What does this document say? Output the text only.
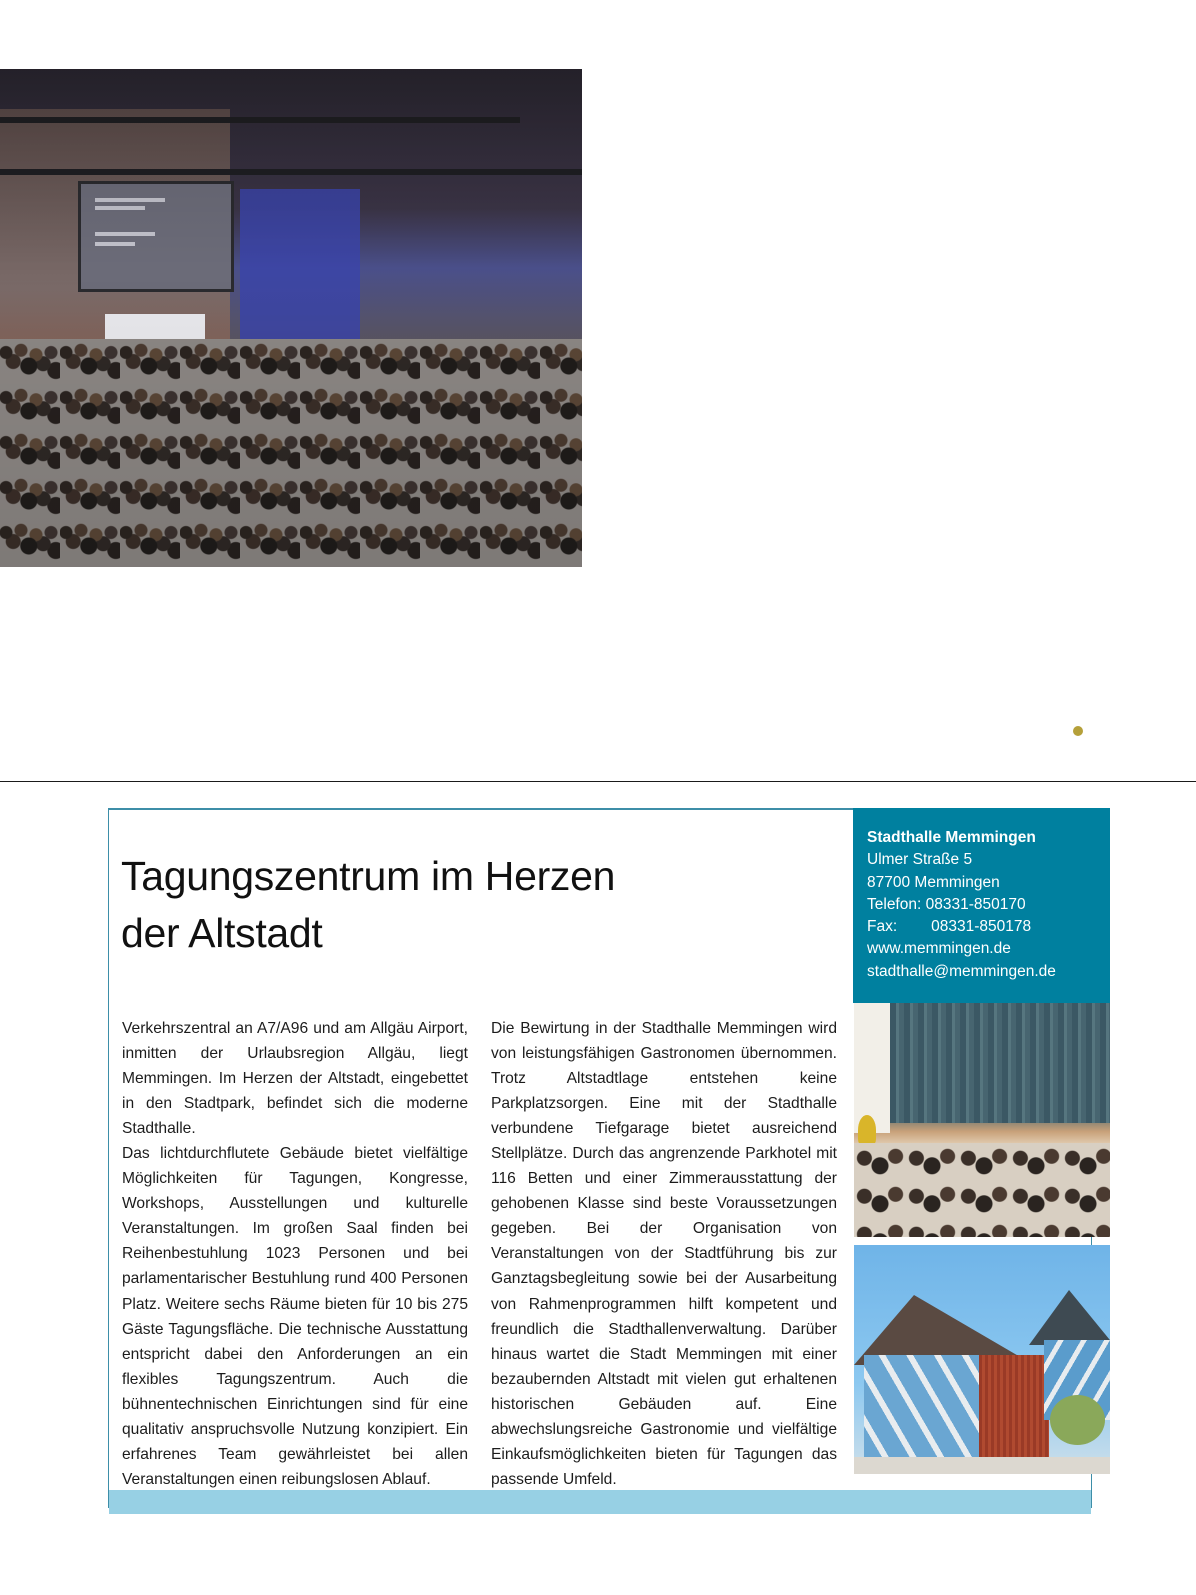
Stadthalle Memmingen
Ulmer Straße 5
87700 Memmingen
Telefon: 08331-850170
Fax: 08331-850178
www.memmingen.de
stadthalle@memmingen.de
Tagungszentrum im Herzen
der Altstadt

Verkehrszentral an A7/A96 und am Allgäu Airport, inmitten der Urlaubsregion Allgäu, liegt Memmingen. Im Herzen der Altstadt, eingebettet in den Stadtpark, befindet sich die moderne Stadthalle.

Das lichtdurchflutete Gebäude bietet vielfältige Möglichkeiten für Tagungen, Kongresse, Workshops, Ausstellungen und kulturelle Veranstaltungen. Im großen Saal finden bei Reihenbestuhlung 1023 Personen und bei parlamentarischer Bestuhlung rund 400 Personen Platz. Weitere sechs Räume bieten für 10 bis 275 Gäste Tagungsfläche. Die technische Ausstattung entspricht dabei den Anforderungen an ein flexibles Tagungszentrum. Auch die bühnentechnischen Einrichtungen sind für eine qualitativ anspruchsvolle Nutzung konzipiert. Ein erfahrenes Team gewährleistet bei allen Veranstaltungen einen reibungslosen Ablauf.

Die Bewirtung in der Stadthalle Memmingen wird von leistungsfähigen Gastronomen übernommen. Trotz Altstadtlage entstehen keine Parkplatzsorgen. Eine mit der Stadthalle verbundene Tiefgarage bietet ausreichend Stellplätze. Durch das angrenzende Parkhotel mit 116 Betten und einer Zimmerausstattung der gehobenen Klasse sind beste Voraussetzungen gegeben. Bei der Organisation von Veranstaltungen von der Stadtführung bis zur Ganztagsbegleitung sowie bei der Ausarbeitung von Rahmenprogrammen hilft kompetent und freundlich die Stadthallenverwaltung. Darüber hinaus wartet die Stadt Memmingen mit einer bezaubernden Altstadt mit vielen gut erhaltenen historischen Gebäuden auf. Eine abwechslungsreiche Gastronomie und vielfältige Einkaufsmöglichkeiten bieten für Tagungen das passende Umfeld.
